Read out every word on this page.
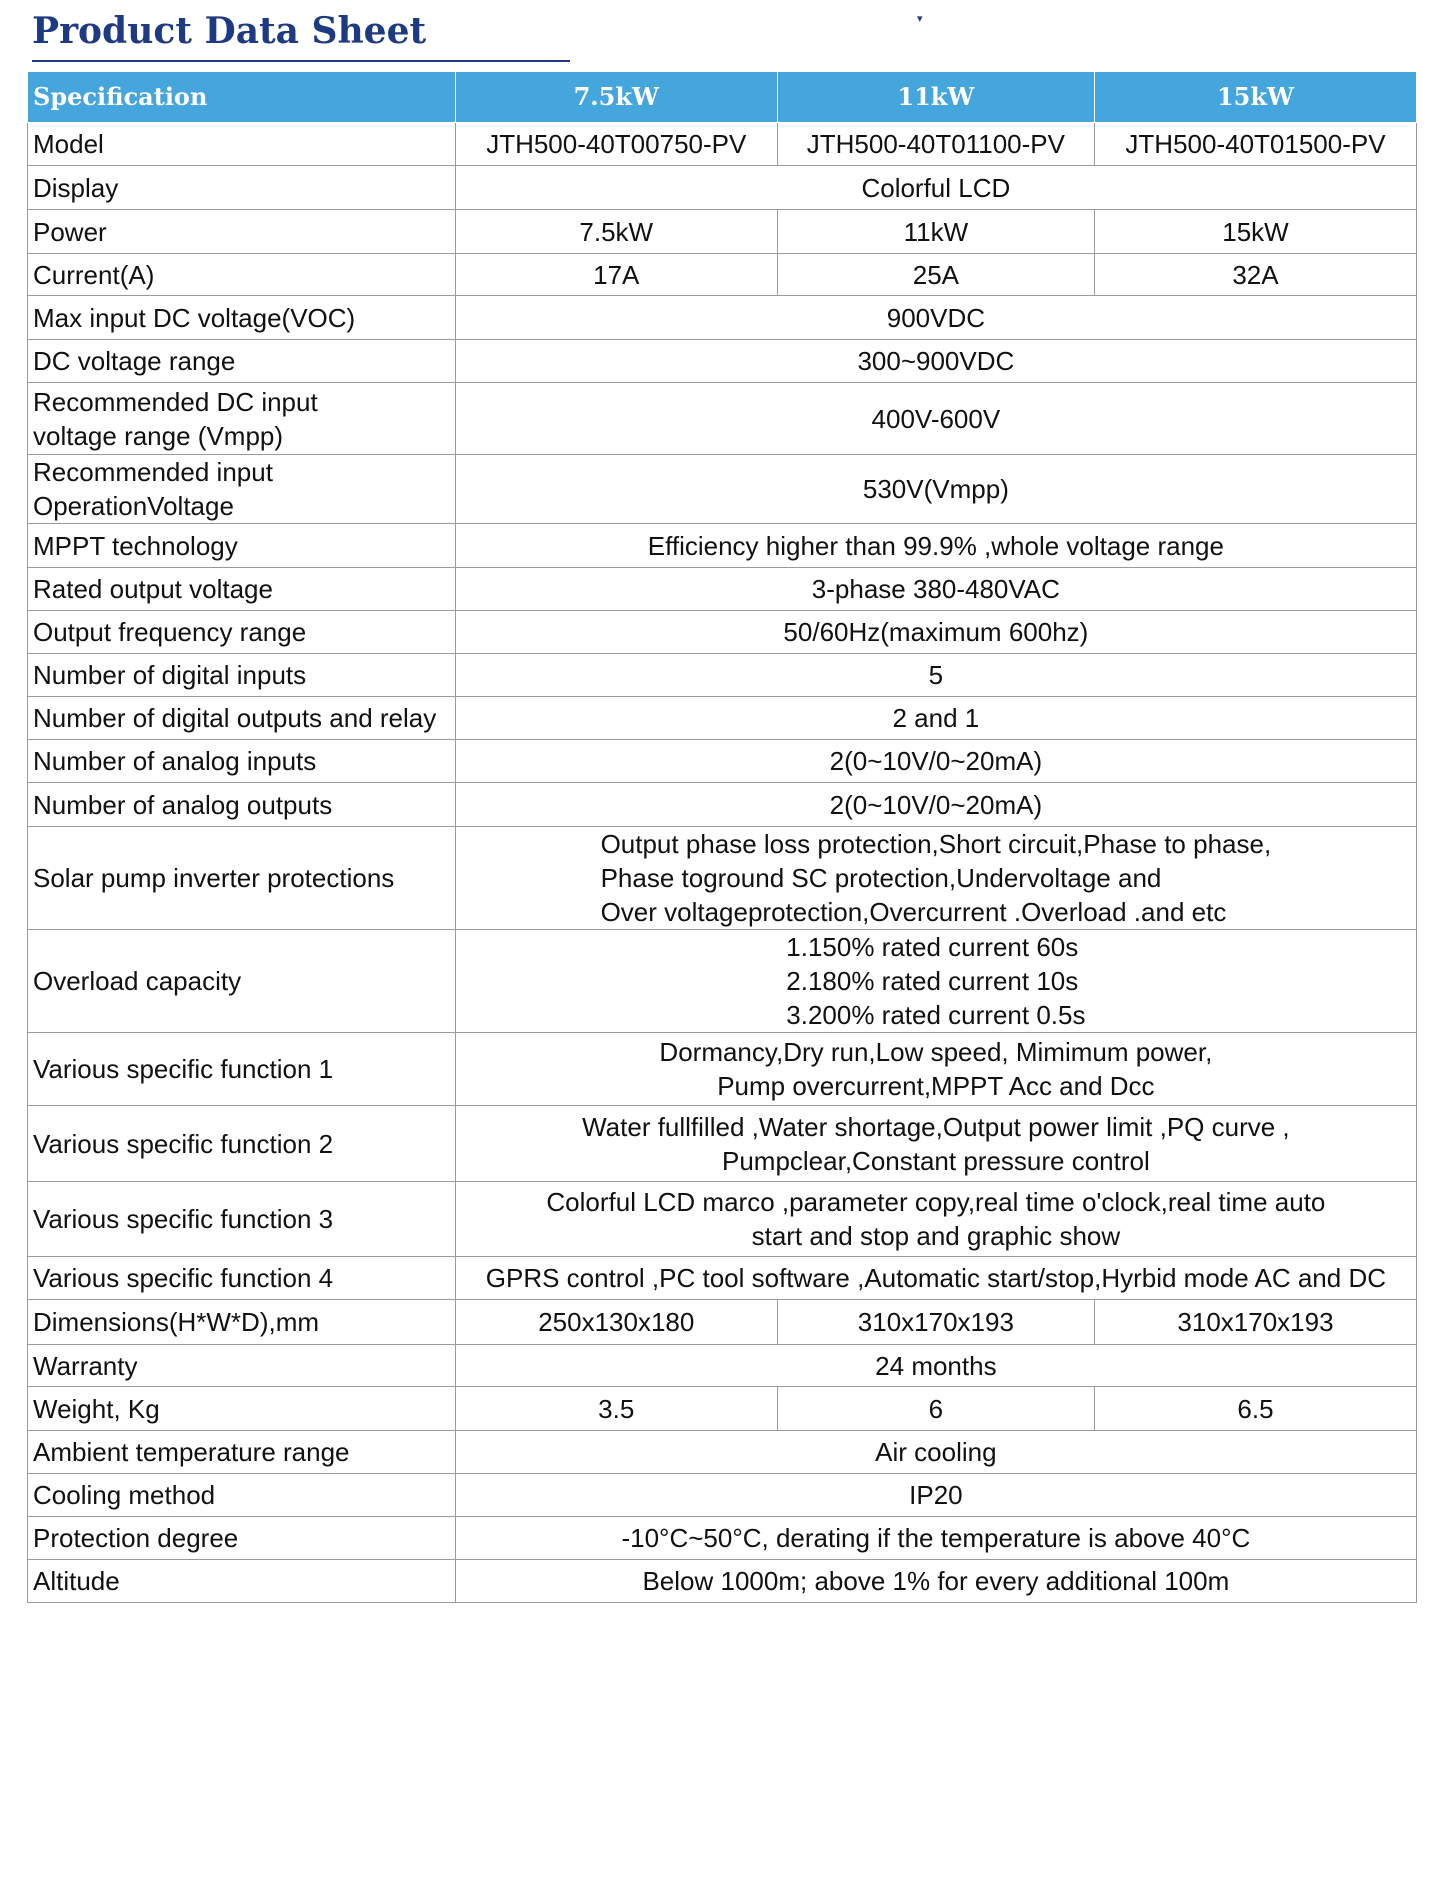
Product Data Sheet	▾
Specification	7.5kW	11kW	15kW
Model	JTH500-40T00750-PV	JTH500-40T01100-PV	JTH500-40T01500-PV
Display	Colorful LCD		
Power	7.5kW	11kW	15kW
Current(A)	17A	25A	32A
Max input DC voltage(VOC)	900VDC		
DC voltage range	300~900VDC		

Recommended DC input
voltage range (Vmpp)	400V-600V		

Recommended input
OperationVoltage	530V(Vmpp)		
MPPT technology	Efficiency higher than 99.9% ,whole voltage range		
Rated output voltage	3-phase 380-480VAC		
Output frequency range	50/60Hz(maximum 600hz)		
Number of digital inputs	5		
Number of digital outputs and relay	2 and 1		
Number of analog inputs	2(0~10V/0~20mA)		
Number of analog outputs	2(0~10V/0~20mA)		
Solar pump inverter protections	Output phase loss protection,Short circuit,Phase to phase,
Phase toground SC protection,Undervoltage and
Over voltageprotection,Overcurrent .Overload .and etc		

Overload capacity	1.150% rated current 60s
2.180% rated current 10s
3.200% rated current 0.5s		

Various specific function 1	Dormancy,Dry run,Low speed, Mimimum power,
Pump overcurrent,MPPT Acc and Dcc		

Various specific function 2	Water fullfilled ,Water shortage,Output power limit ,PQ curve ,
Pumpclear,Constant pressure control		

Various specific function 3	Colorful LCD marco ,parameter copy,real time o'clock,real time auto
start and stop and graphic show		

Various specific function 4	GPRS control ,PC tool software ,Automatic start/stop,Hyrbid mode AC and DC		
Dimensions(H*W*D),mm	250x130x180	310x170x193	310x170x193
Warranty	24 months		
Weight, Kg	3.5	6	6.5
Ambient temperature range	Air cooling		
Cooling method	IP20		
Protection degree	-10°C~50°C, derating if the temperature is above 40°C		
Altitude	Below 1000m; above 1% for every additional 100m		
